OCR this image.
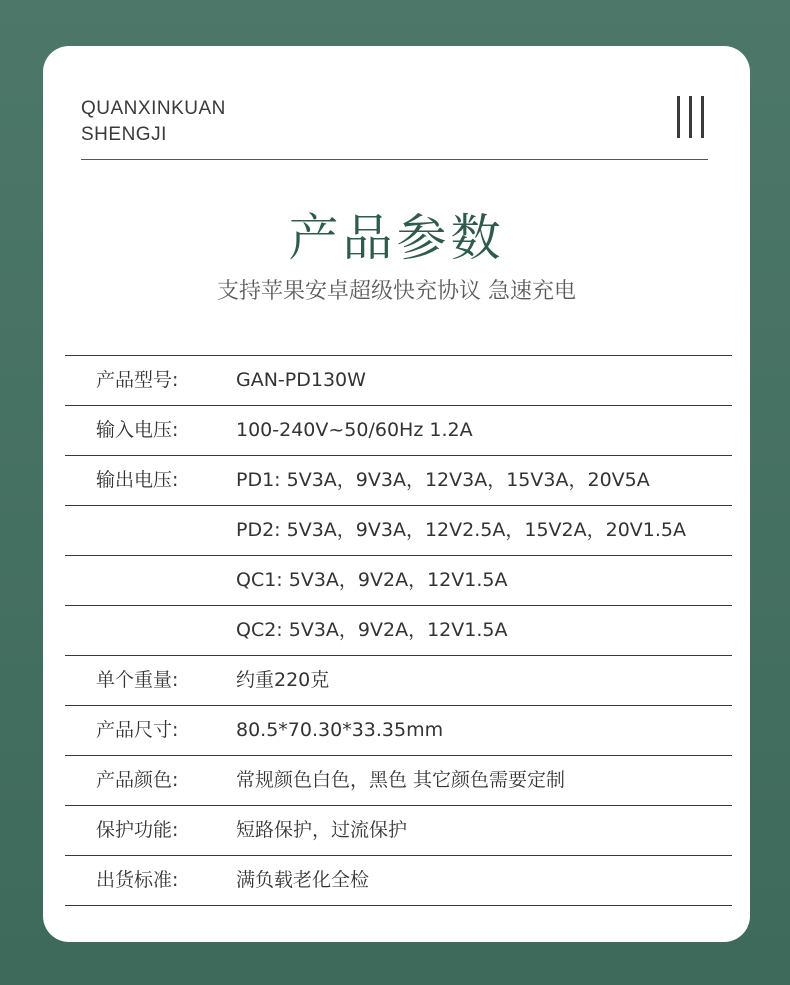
QUANXINKUAN
SHENGJI
产品参数
支持苹果安卓超级快充协议 急速充电
产品型号:	GAN-PD130W
输入电压:	100-240V~50/60Hz 1.2A
输出电压:	PD1: 5V3A，9V3A，12V3A，15V3A，20V5A
PD2: 5V3A，9V3A，12V2.5A，15V2A，20V1.5A
QC1: 5V3A，9V2A，12V1.5A
QC2: 5V3A，9V2A，12V1.5A
单个重量:	约重220克
产品尺寸:	80.5*70.30*33.35mm
产品颜色:	常规颜色白色，黑色 其它颜色需要定制
保护功能:	短路保护，过流保护
出货标准:	满负载老化全检
